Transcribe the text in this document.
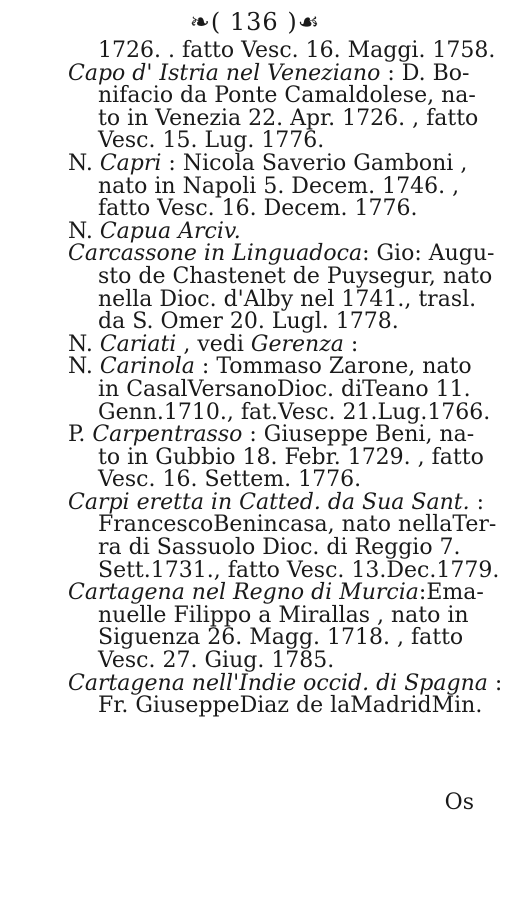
❧( 136 )☙
1726. . fatto Vesc. 16. Maggi. 1758.
Capo d' Istria nel Veneziano : D. Bo-
nifacio da Ponte Camaldolese, na-
to in Venezia 22. Apr. 1726. , fatto
Vesc. 15. Lug. 1776.
N. Capri : Nicola Saverio Gamboni ,
nato in Napoli 5. Decem. 1746. ,
fatto Vesc. 16. Decem. 1776.
N. Capua Arciv.
Carcassone in Linguadoca: Gio: Augu-
sto de Chastenet de Puysegur, nato
nella Dioc. d'Alby nel 1741., trasl.
da S. Omer 20. Lugl. 1778.
N. Cariati , vedi Gerenza :
N. Carinola : Tommaso Zarone, nato
in CasalVersanoDioc. diTeano 11.
Genn.1710., fat.Vesc. 21.Lug.1766.
P. Carpentrasso : Giuseppe Beni, na-
to in Gubbio 18. Febr. 1729. , fatto
Vesc. 16. Settem. 1776.
Carpi eretta in Catted. da Sua Sant. :
FrancescoBenincasa, nato nellaTer-
ra di Sassuolo Dioc. di Reggio 7.
Sett.1731., fatto Vesc. 13.Dec.1779.
Cartagena nel Regno di Murcia:Ema-
nuelle Filippo a Mirallas , nato in
Siguenza 26. Magg. 1718. , fatto
Vesc. 27. Giug. 1785.
Cartagena nell'Indie occid. di Spagna :
Fr. GiuseppeDiaz de laMadridMin.
Os
